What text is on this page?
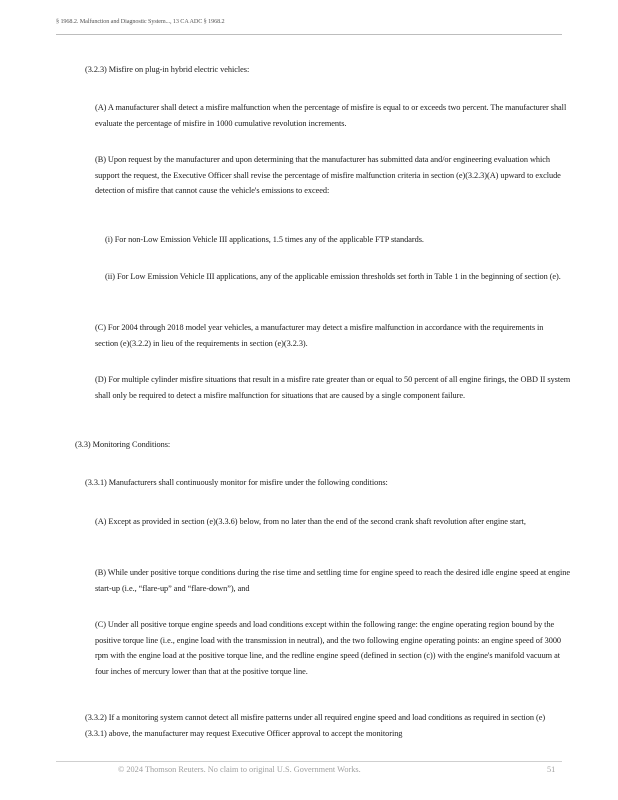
§ 1968.2. Malfunction and Diagnostic System..., 13 CA ADC § 1968.2

(3.2.3) Misfire on plug-in hybrid electric vehicles:

(A) A manufacturer shall detect a misfire malfunction when the percentage of misfire is equal to or exceeds two percent. The manufacturer shall evaluate the percentage of misfire in 1000 cumulative revolution increments.

(B) Upon request by the manufacturer and upon determining that the manufacturer has submitted data and/or engineering evaluation which support the request, the Executive Officer shall revise the percentage of misfire malfunction criteria in section (e)(3.2.3)(A) upward to exclude detection of misfire that cannot cause the vehicle's emissions to exceed:

(i) For non-Low Emission Vehicle III applications, 1.5 times any of the applicable FTP standards.

(ii) For Low Emission Vehicle III applications, any of the applicable emission thresholds set forth in Table 1 in the beginning of section (e).

(C) For 2004 through 2018 model year vehicles, a manufacturer may detect a misfire malfunction in accordance with the requirements in section (e)(3.2.2) in lieu of the requirements in section (e)(3.2.3).

(D) For multiple cylinder misfire situations that result in a misfire rate greater than or equal to 50 percent of all engine firings, the OBD II system shall only be required to detect a misfire malfunction for situations that are caused by a single component failure.

(3.3) Monitoring Conditions:

(3.3.1) Manufacturers shall continuously monitor for misfire under the following conditions:

(A) Except as provided in section (e)(3.3.6) below, from no later than the end of the second crank shaft revolution after engine start,

(B) While under positive torque conditions during the rise time and settling time for engine speed to reach the desired idle engine speed at engine start-up (i.e., “flare-up” and “flare-down”), and

(C) Under all positive torque engine speeds and load conditions except within the following range: the engine operating region bound by the positive torque line (i.e., engine load with the transmission in neutral), and the two following engine operating points: an engine speed of 3000 rpm with the engine load at the positive torque line, and the redline engine speed (defined in section (c)) with the engine's manifold vacuum at four inches of mercury lower than that at the positive torque line.

(3.3.2) If a monitoring system cannot detect all misfire patterns under all required engine speed and load conditions as required in section (e)(3.3.1) above, the manufacturer may request Executive Officer approval to accept the monitoring

© 2024 Thomson Reuters. No claim to original U.S. Government Works.	51
